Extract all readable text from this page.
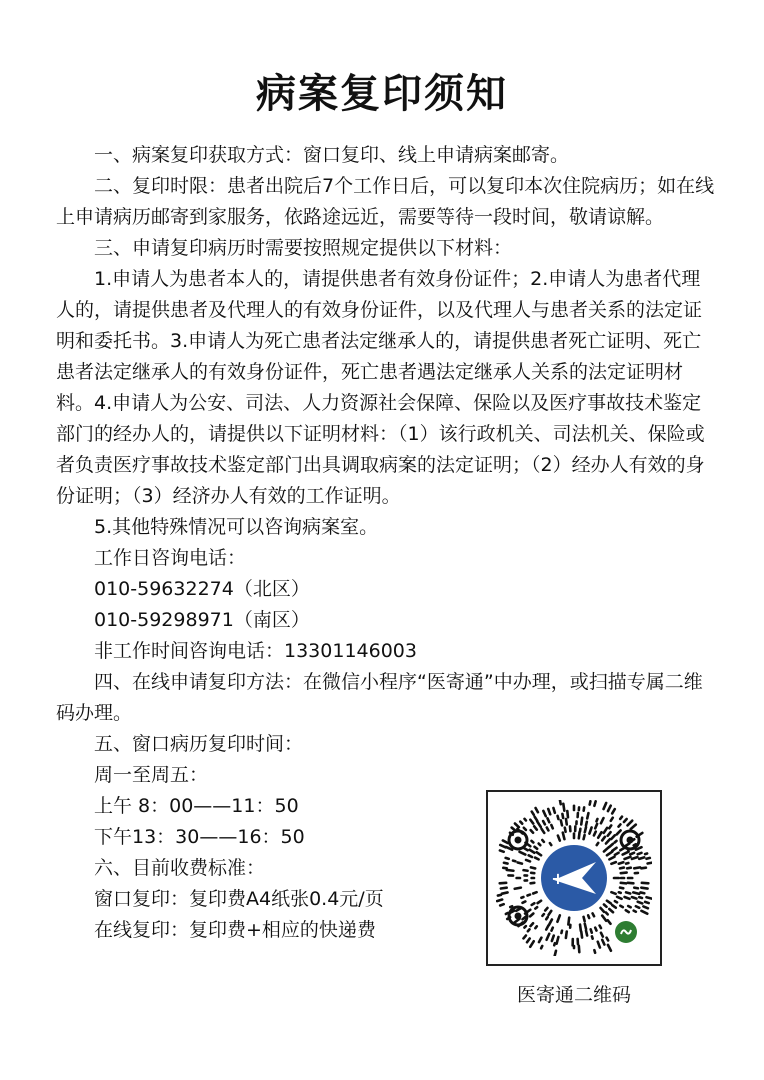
病案复印须知

一、病案复印获取方式：窗口复印、线上申请病案邮寄。

二、复印时限：患者出院后7个工作日后，可以复印本次住院病历；如在线上申请病历邮寄到家服务，依路途远近，需要等待一段时间，敬请谅解。

三、申请复印病历时需要按照规定提供以下材料：

1.申请人为患者本人的，请提供患者有效身份证件；2.申请人为患者代理人的，请提供患者及代理人的有效身份证件，以及代理人与患者关系的法定证明和委托书。3.申请人为死亡患者法定继承人的，请提供患者死亡证明、死亡患者法定继承人的有效身份证件，死亡患者遇法定继承人关系的法定证明材料。4.申请人为公安、司法、人力资源社会保障、保险以及医疗事故技术鉴定部门的经办人的，请提供以下证明材料：（1）该行政机关、司法机关、保险或者负责医疗事故技术鉴定部门出具调取病案的法定证明；（2）经办人有效的身份证明；（3）经济办人有效的工作证明。

5.其他特殊情况可以咨询病案室。

工作日咨询电话：

010-59632274（北区）

010-59298971（南区）

非工作时间咨询电话：13301146003

四、在线申请复印方法：在微信小程序“医寄通”中办理，或扫描专属二维码办理。

五、窗口病历复印时间：

周一至周五：

上午 8：00——11：50

下午13：30——16：50

六、目前收费标准：

窗口复印：复印费A4纸张0.4元/页

在线复印：复印费+相应的快递费

+
医寄通二维码
